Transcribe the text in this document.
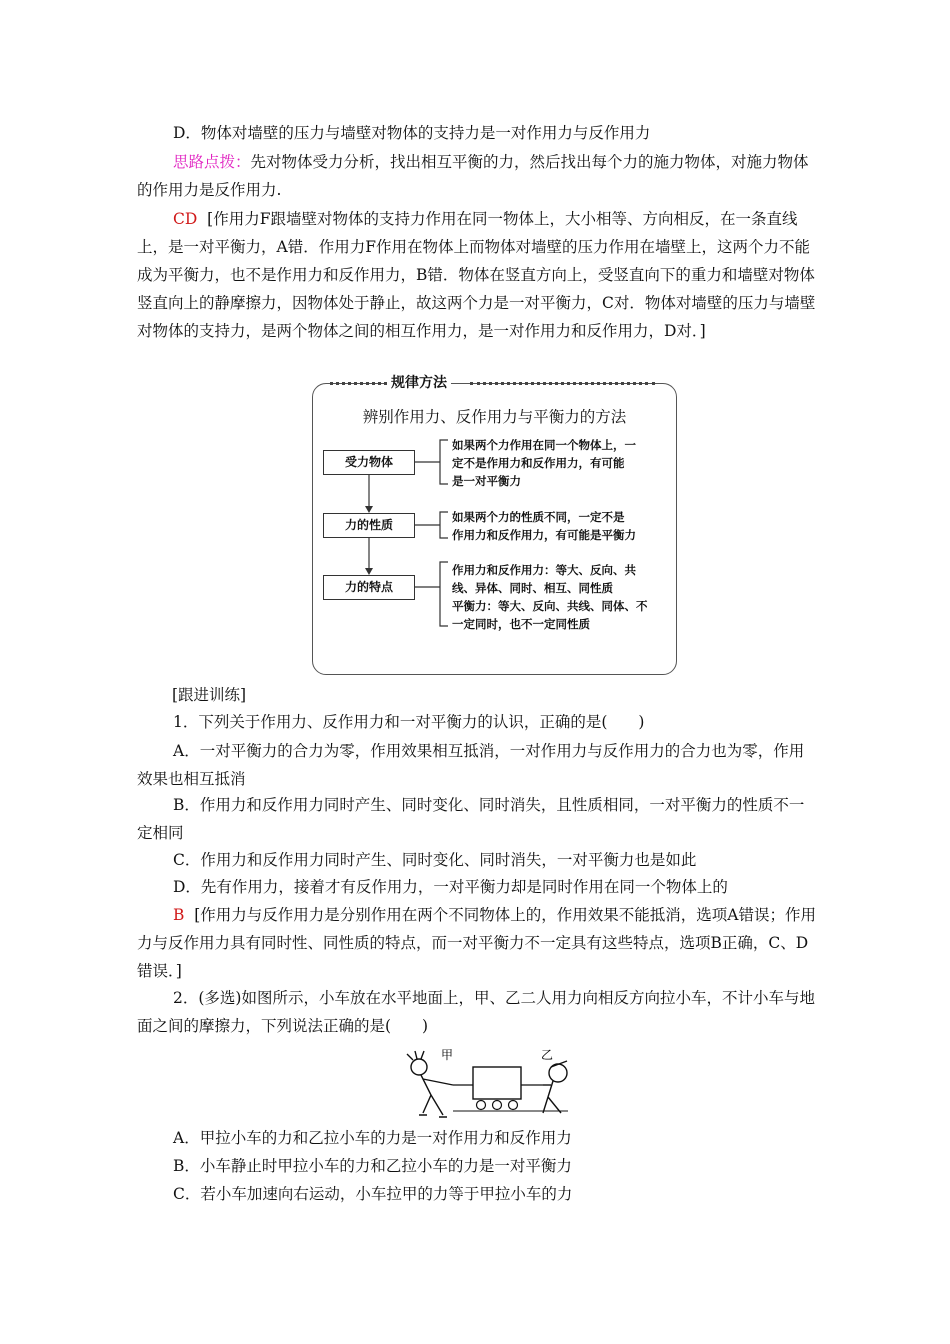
D．物体对墙壁的压力与墙壁对物体的支持力是一对作用力与反作用力

思路点拨：先对物体受力分析，找出相互平衡的力，然后找出每个力的施力物体，对施力物体的作用力是反作用力.

CD [作用力F跟墙壁对物体的支持力作用在同一物体上，大小相等、方向相反，在一条直线上，是一对平衡力，A错．作用力F作用在物体上而物体对墙壁的压力作用在墙壁上，这两个力不能成为平衡力，也不是作用力和反作用力，B错．物体在竖直方向上，受竖直向下的重力和墙壁对物体竖直向上的静摩擦力，因物体处于静止，故这两个力是一对平衡力，C对．物体对墙壁的压力与墙壁对物体的支持力，是两个物体之间的相互作用力，是一对作用力和反作用力，D对．]

规律方法
辨别作用力、反作用力与平衡力的方法
受力物体
力的性质
力的特点
如果两个力作用在同一个物体上，一
定不是作用力和反作用力，有可能
是一对平衡力
如果两个力的性质不同，一定不是
作用力和反作用力，有可能是平衡力
作用力和反作用力：等大、反向、共
线、异体、同时、相互、同性质
平衡力：等大、反向、共线、同体、不
一定同时，也不一定同性质

[跟进训练]

1．下列关于作用力、反作用力和一对平衡力的认识，正确的是(　　)

A．一对平衡力的合力为零，作用效果相互抵消，一对作用力与反作用力的合力也为零，作用效果也相互抵消

B．作用力和反作用力同时产生、同时变化、同时消失，且性质相同，一对平衡力的性质不一定相同

C．作用力和反作用力同时产生、同时变化、同时消失，一对平衡力也是如此

D．先有作用力，接着才有反作用力，一对平衡力却是同时作用在同一个物体上的

B [作用力与反作用力是分别作用在两个不同物体上的，作用效果不能抵消，选项A错误；作用力与反作用力具有同时性、同性质的特点，而一对平衡力不一定具有这些特点，选项B正确，C、D错误．]

2．(多选)如图所示，小车放在水平地面上，甲、乙二人用力向相反方向拉小车，不计小车与地面之间的摩擦力，下列说法正确的是(　　)

甲	乙

A．甲拉小车的力和乙拉小车的力是一对作用力和反作用力

B．小车静止时甲拉小车的力和乙拉小车的力是一对平衡力

C．若小车加速向右运动，小车拉甲的力等于甲拉小车的力
